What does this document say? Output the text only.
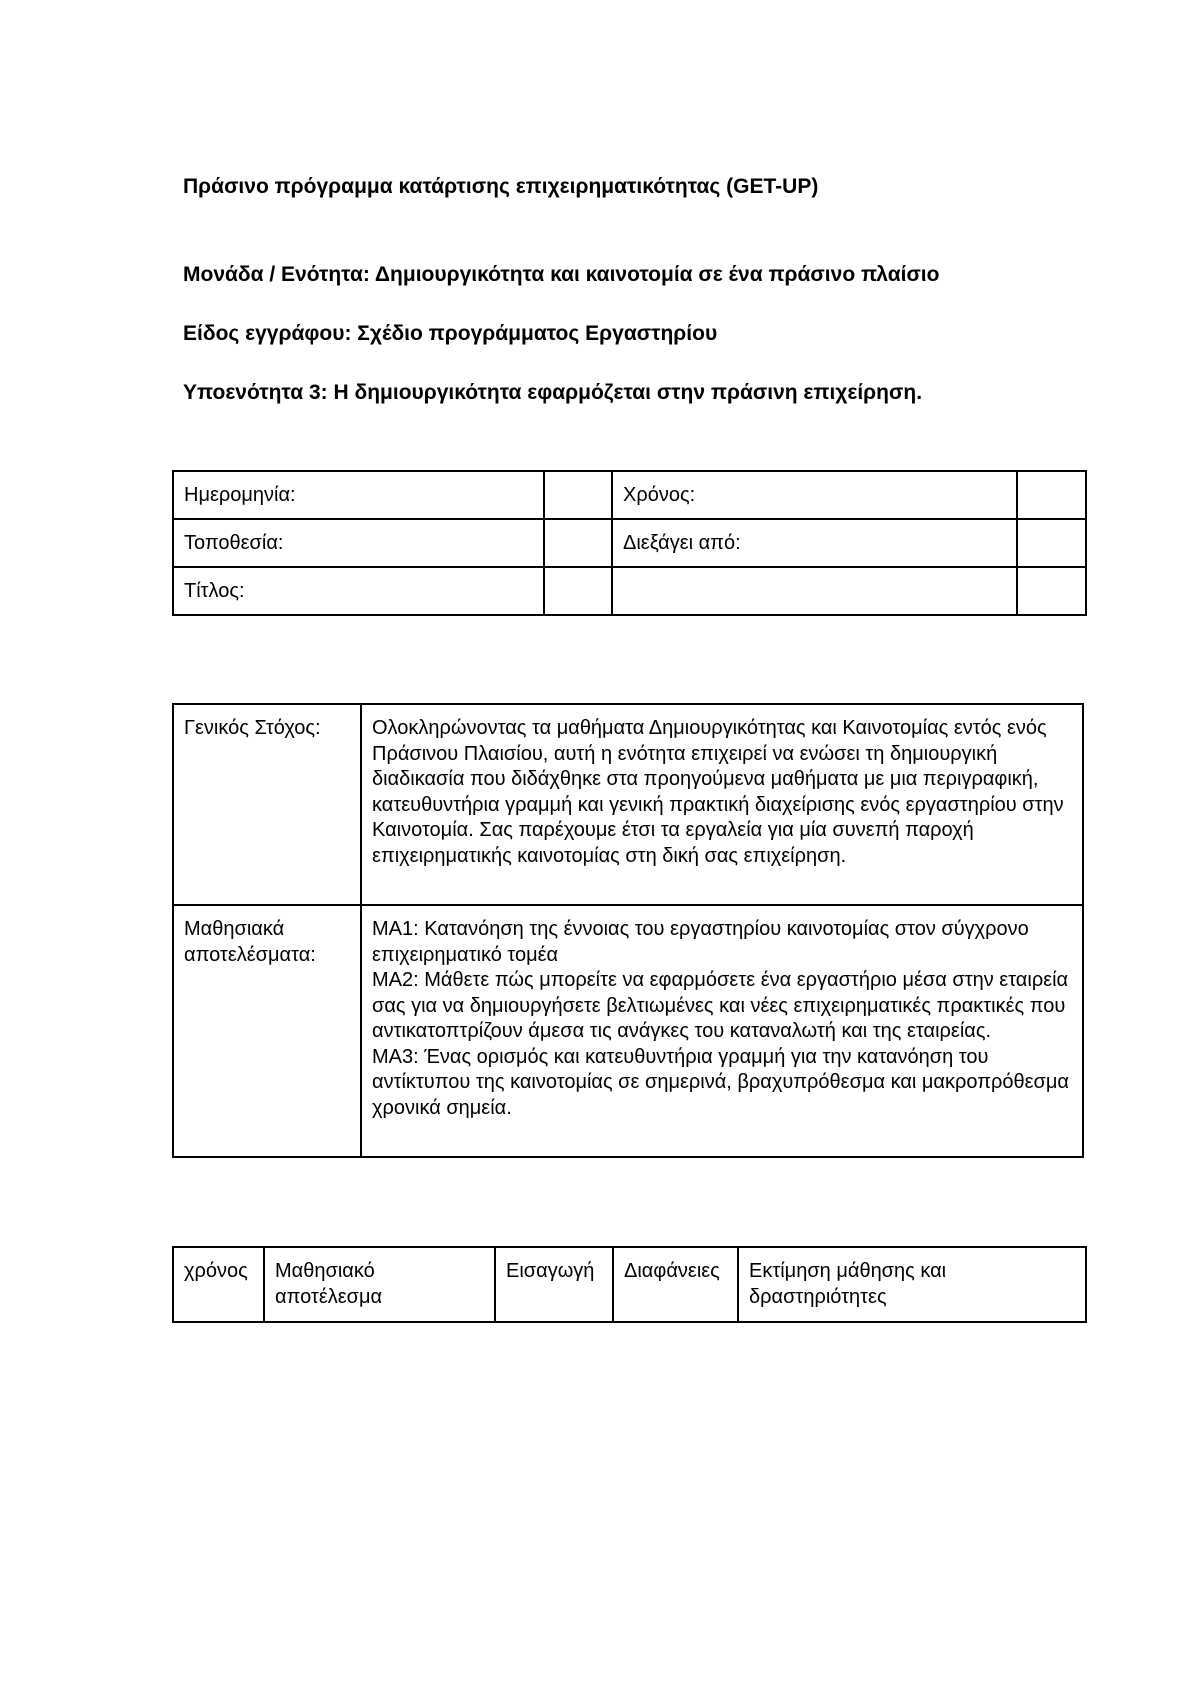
Πράσινο πρόγραμμα κατάρτισης επιχειρηματικότητας (GET-UP)
Μονάδα / Ενότητα: Δημιουργικότητα και καινοτομία σε ένα πράσινο πλαίσιο
Είδος εγγράφου: Σχέδιο προγράμματος Εργαστηρίου
Υποενότητα 3: Η δημιουργικότητα εφαρμόζεται στην πράσινη επιχείρηση.
Ημερομηνία:		Χρόνος:	
Τοποθεσία:		Διεξάγει από:	
Τίτλος:			
Γενικός Στόχος:	Ολοκληρώνοντας τα μαθήματα Δημιουργικότητας και Καινοτομίας εντός ενός Πράσινου Πλαισίου, αυτή η ενότητα επιχειρεί να ενώσει τη δημιουργική διαδικασία που διδάχθηκε στα προηγούμενα μαθήματα με μια περιγραφική, κατευθυντήρια γραμμή και γενική πρακτική διαχείρισης ενός εργαστηρίου στην Καινοτομία. Σας παρέχουμε έτσι τα εργαλεία για μία συνεπή παροχή επιχειρηματικής καινοτομίας στη δική σας επιχείρηση.
Μαθησιακά αποτελέσματα:	ΜΑ1: Κατανόηση της έννοιας του εργαστηρίου καινοτομίας στον σύγχρονο επιχειρηματικό τομέα
ΜΑ2: Μάθετε πώς μπορείτε να εφαρμόσετε ένα εργαστήριο μέσα στην εταιρεία σας για να δημιουργήσετε βελτιωμένες και νέες επιχειρηματικές πρακτικές που αντικατοπτρίζουν άμεσα τις ανάγκες του καταναλωτή και της εταιρείας.
ΜΑ3: Ένας ορισμός και κατευθυντήρια γραμμή για την κατανόηση του αντίκτυπου της καινοτομίας σε σημερινά, βραχυπρόθεσμα και μακροπρόθεσμα χρονικά σημεία.
χρόνος	Μαθησιακό αποτέλεσμα	Εισαγωγή	Διαφάνειες	Εκτίμηση μάθησης και δραστηριότητες
